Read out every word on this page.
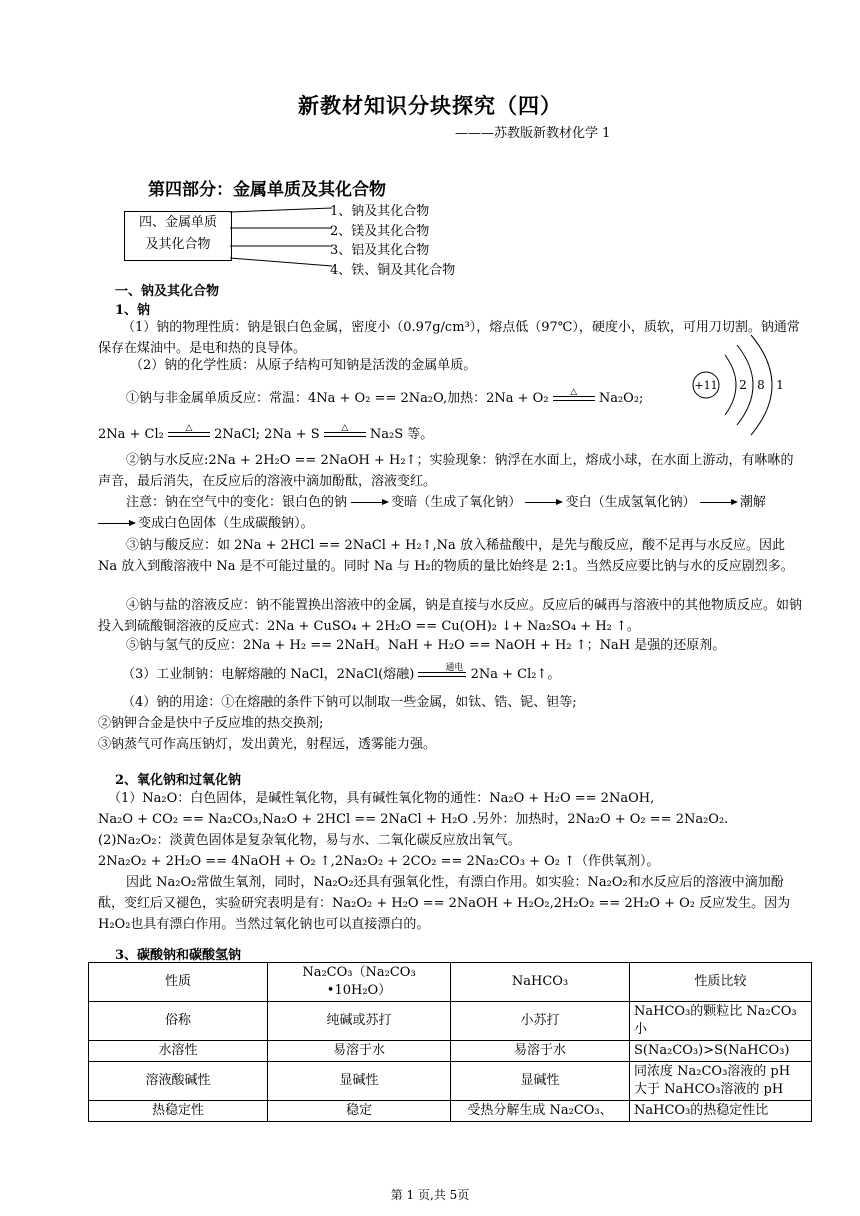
新教材知识分块探究（四）
———苏教版新教材化学 1
第四部分：金属单质及其化合物
四、金属单质
及其化合物
1、钠及其化合物
2、镁及其化合物
3、铝及其化合物
4、铁、铜及其化合物
一、钠及其化合物
1、钠
（1）钠的物理性质：钠是银白色金属，密度小（0.97g/cm³），熔点低（97℃），硬度小，质软，可用刀切割。钠通常保存在煤油中。是电和热的良导体。
（2）钠的化学性质：从原子结构可知钠是活泼的金属单质。
+11 2 8 1
①钠与非金属单质反应：常温：4Na + O₂ == 2Na₂O,加热：2Na + O₂	△	Na₂O₂;
2Na + Cl₂	△	2NaCl; 2Na + S	△	Na₂S 等。
②钠与水反应:2Na + 2H₂O == 2NaOH + H₂↑；实验现象：钠浮在水面上，熔成小球，在水面上游动，有咻咻的声音，最后消失，在反应后的溶液中滴加酚酞，溶液变红。
注意：钠在空气中的变化：银白色的钠	变暗（生成了氧化钠）	变白（生成氢氧化钠）	潮解  变成白色固体（生成碳酸钠）。
③钠与酸反应：如 2Na + 2HCl == 2NaCl + H₂↑,Na 放入稀盐酸中，是先与酸反应，酸不足再与水反应。因此 Na 放入到酸溶液中 Na 是不可能过量的。同时 Na 与 H₂的物质的量比始终是 2:1。当然反应要比钠与水的反应剧烈多。
④钠与盐的溶液反应：钠不能置换出溶液中的金属，钠是直接与水反应。反应后的碱再与溶液中的其他物质反应。如钠投入到硫酸铜溶液的反应式：2Na + CuSO₄ + 2H₂O == Cu(OH)₂ ↓+ Na₂SO₄ + H₂ ↑。
⑤钠与氢气的反应：2Na + H₂ == 2NaH。NaH + H₂O == NaOH + H₂ ↑；NaH 是强的还原剂。
（3）工业制钠：电解熔融的 NaCl，2NaCl(熔融)	通电 2Na + Cl₂↑。
（4）钠的用途：①在熔融的条件下钠可以制取一些金属，如钛、锆、铌、钽等;
②钠钾合金是快中子反应堆的热交换剂;
③钠蒸气可作高压钠灯，发出黄光，射程远，透雾能力强。
2、氧化钠和过氧化钠
（1）Na₂O：白色固体，是碱性氧化物，具有碱性氧化物的通性：Na₂O + H₂O == 2NaOH,
Na₂O + CO₂ == Na₂CO₃,Na₂O + 2HCl == 2NaCl + H₂O .另外：加热时，2Na₂O + O₂ == 2Na₂O₂.
(2)Na₂O₂：淡黄色固体是复杂氧化物，易与水、二氧化碳反应放出氧气。
2Na₂O₂ + 2H₂O == 4NaOH + O₂ ↑,2Na₂O₂ + 2CO₂ == 2Na₂CO₃ + O₂ ↑（作供氧剂）。
因此 Na₂O₂常做生氧剂，同时，Na₂O₂还具有强氧化性，有漂白作用。如实验：Na₂O₂和水反应后的溶液中滴加酚酞，变红后又褪色，实验研究表明是有：Na₂O₂ + H₂O == 2NaOH + H₂O₂,2H₂O₂ == 2H₂O + O₂ 反应发生。因为 H₂O₂也具有漂白作用。当然过氧化钠也可以直接漂白的。
3、碳酸钠和碳酸氢钠
性质	Na₂CO₃（Na₂CO₃ •10H₂O）	NaHCO₃	性质比较
俗称	纯碱或苏打	小苏打	NaHCO₃的颗粒比 Na₂CO₃小
水溶性	易溶于水	易溶于水	S(Na₂CO₃)>S(NaHCO₃)
溶液酸碱性	显碱性	显碱性	同浓度 Na₂CO₃溶液的 pH 大于 NaHCO₃溶液的 pH
热稳定性	稳定	受热分解生成 Na₂CO₃、	NaHCO₃的热稳定性比
第 1 页,共 5页
